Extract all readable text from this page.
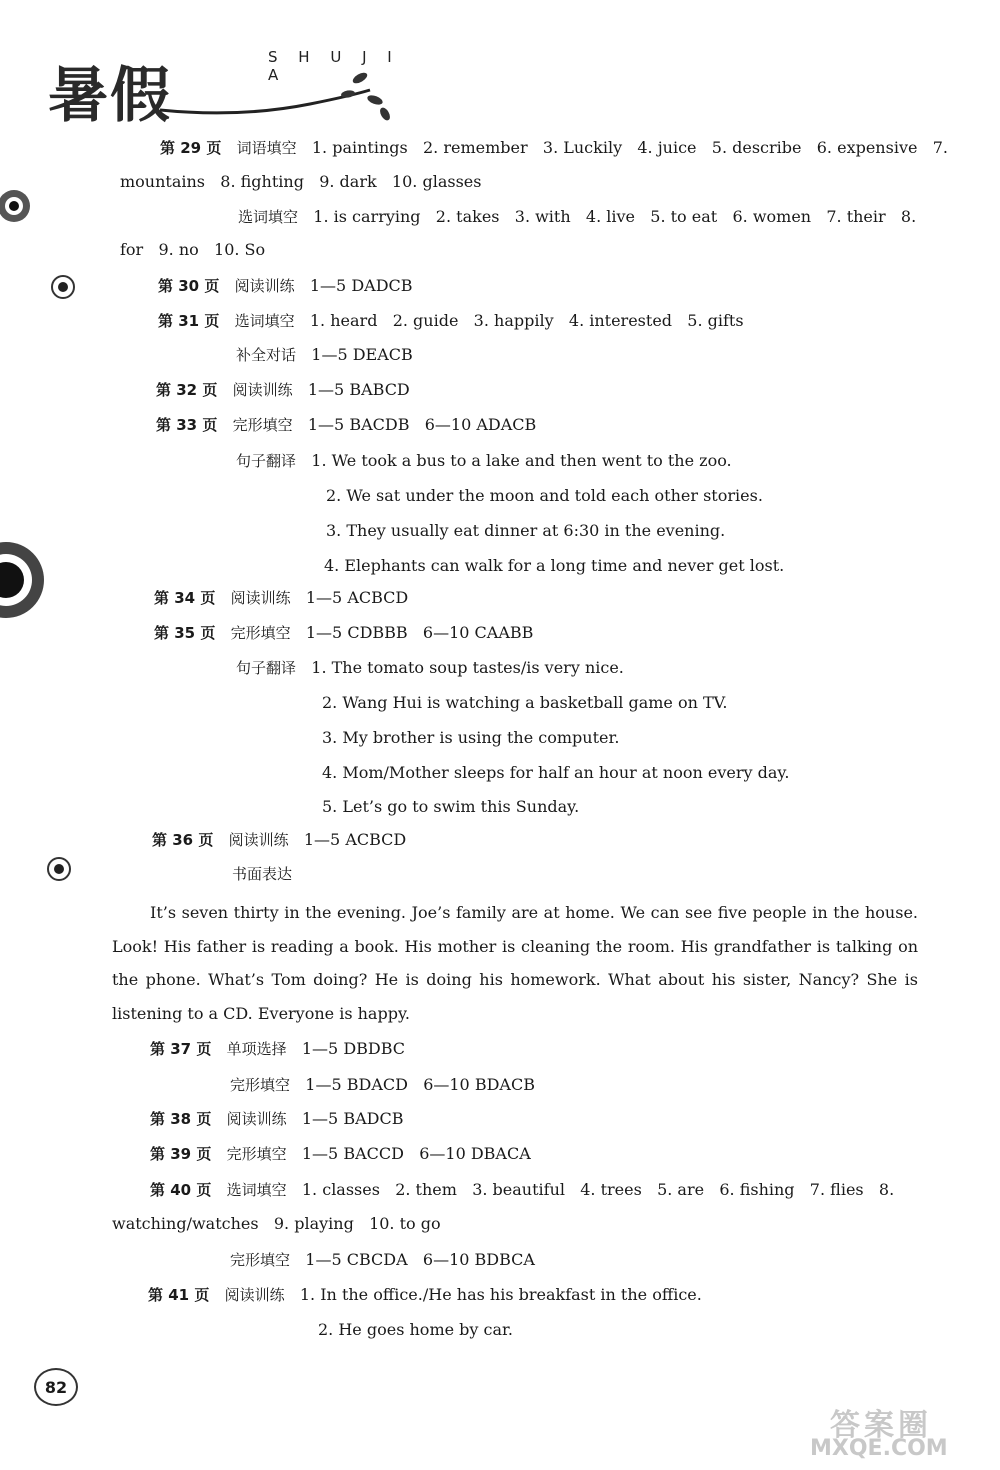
暑假
S H U J I A
第 29 页 词语填空 1. paintings   2. remember   3. Luckily   4. juice   5. describe   6. expensive   7.
mountains   8. fighting   9. dark   10. glasses
选词填空 1. is carrying   2. takes   3. with   4. live   5. to eat   6. women   7. their   8.
for   9. no   10. So
第 30 页 阅读训练 1—5 DADCB
第 31 页 选词填空 1. heard   2. guide   3. happily   4. interested   5. gifts
补全对话 1—5 DEACB
第 32 页 阅读训练 1—5 BABCD
第 33 页 完形填空 1—5 BACDB   6—10 ADACB
句子翻译 1. We took a bus to a lake and then went to the zoo.
2. We sat under the moon and told each other stories.
3. They usually eat dinner at 6:30 in the evening.
4. Elephants can walk for a long time and never get lost.
第 34 页 阅读训练 1—5 ACBCD
第 35 页 完形填空 1—5 CDBBB   6—10 CAABB
句子翻译 1. The tomato soup tastes/is very nice.
2. Wang Hui is watching a basketball game on TV.
3. My brother is using the computer.
4. Mom/Mother sleeps for half an hour at noon every day.
5. Let’s go to swim this Sunday.
第 36 页 阅读训练 1—5 ACBCD
书面表达
It’s seven thirty in the evening. Joe’s family are at home. We can see five people in the house. Look! His father is reading a book. His mother is cleaning the room. His grandfather is talking on the phone. What’s Tom doing? He is doing his homework. What about his sister, Nancy? She is listening to a CD. Everyone is happy.
第 37 页 单项选择 1—5 DBDBC
完形填空 1—5 BDACD   6—10 BDACB
第 38 页 阅读训练 1—5 BADCB
第 39 页 完形填空 1—5 BACCD   6—10 DBACA
第 40 页 选词填空 1. classes   2. them   3. beautiful   4. trees   5. are   6. fishing   7. flies   8.
watching/watches   9. playing   10. to go
完形填空 1—5 CBCDA   6—10 BDBCA
第 41 页 阅读训练 1. In the office./He has his breakfast in the office.
2. He goes home by car.
82
答案圈
MXQE.COM
